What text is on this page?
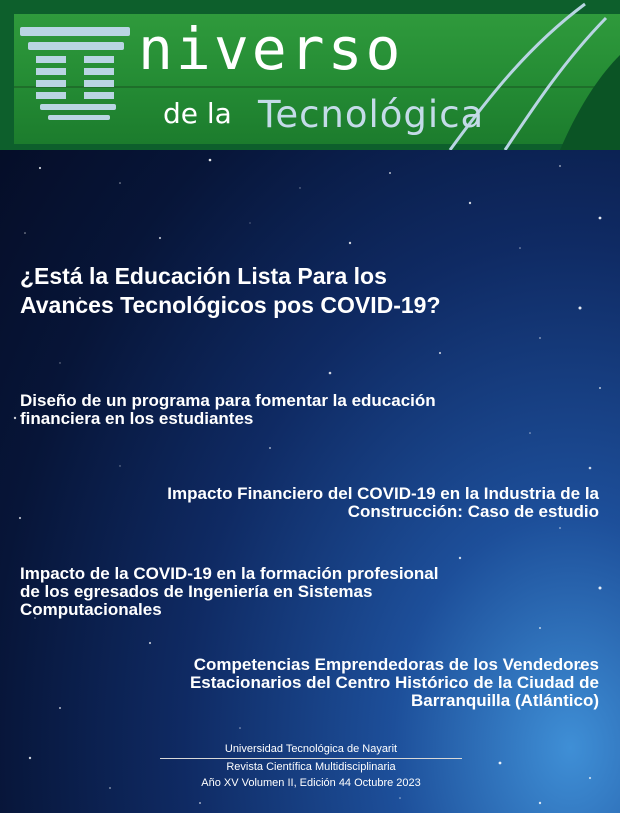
niverso
de la Tecnológica
¿Está la Educación Lista Para los
Avances Tecnológicos pos COVID-19?
Diseño de un programa para fomentar la educación
financiera en los estudiantes
Impacto Financiero del COVID-19 en la Industria de la
Construcción: Caso de estudio
Impacto de la COVID-19 en la formación profesional
de los egresados de Ingeniería en Sistemas
Computacionales
Competencias Emprendedoras de los Vendedores
Estacionarios del Centro Histórico de la Ciudad de
Barranquilla (Atlántico)
Universidad Tecnológica de Nayarit
Revista Científica Multidisciplinaria
Año XV Volumen II, Edición 44 Octubre 2023
